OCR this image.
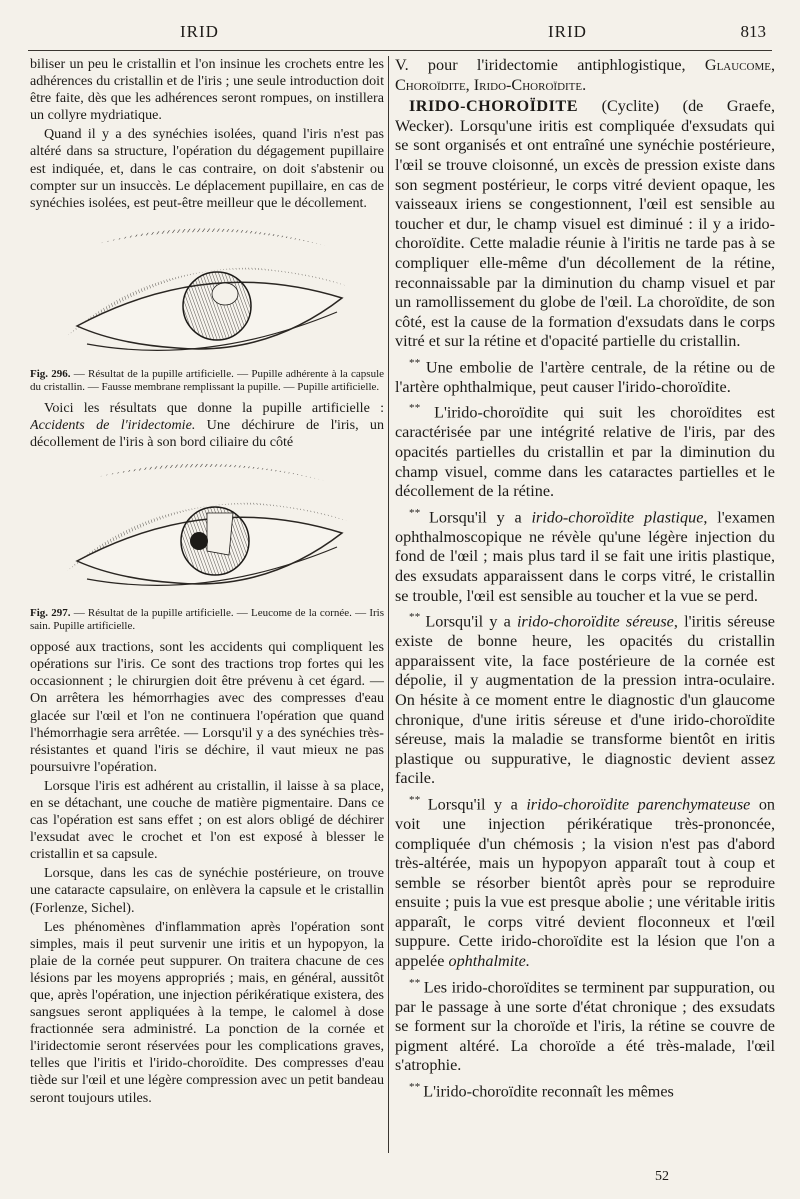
IRID	IRID	813

biliser un peu le cristallin et l'on insinue les crochets entre les adhérences du cristallin et de l'iris ; une seule introduction doit être faite, dès que les adhérences seront rompues, on instillera un collyre mydriatique.

Quand il y a des synéchies isolées, quand l'iris n'est pas altéré dans sa structure, l'opération du dégagement pupillaire est indiquée, et, dans le cas contraire, on doit s'abstenir ou compter sur un insuccès. Le déplacement pupillaire, en cas de synéchies isolées, est peut-être meilleur que le décollement.

Fig. 296. — Résultat de la pupille artificielle. — Pupille adhérente à la capsule du cristallin. — Fausse membrane remplissant la pupille. — Pupille artificielle.

Voici les résultats que donne la pupille artificielle : Accidents de l'iridectomie. Une déchirure de l'iris, un décollement de l'iris à son bord ciliaire du côté

Fig. 297. — Résultat de la pupille artificielle. — Leucome de la cornée. — Iris sain. Pupille artificielle.

opposé aux tractions, sont les accidents qui compliquent les opérations sur l'iris. Ce sont des tractions trop fortes qui les occasionnent ; le chirurgien doit être prévenu à cet égard. — On arrêtera les hémorrhagies avec des compresses d'eau glacée sur l'œil et l'on ne continuera l'opération que quand l'hémorrhagie sera arrêtée. — Lorsqu'il y a des synéchies très-résistantes et quand l'iris se déchire, il vaut mieux ne pas poursuivre l'opération.

Lorsque l'iris est adhérent au cristallin, il laisse à sa place, en se détachant, une couche de matière pigmentaire. Dans ce cas l'opération est sans effet ; on est alors obligé de déchirer l'exsudat avec le crochet et l'on est exposé à blesser le cristallin et sa capsule.

Lorsque, dans les cas de synéchie postérieure, on trouve une cataracte capsulaire, on enlèvera la capsule et le cristallin (Forlenze, Sichel).

Les phénomènes d'inflammation après l'opération sont simples, mais il peut survenir une iritis et un hypopyon, la plaie de la cornée peut suppurer. On traitera chacune de ces lésions par les moyens appropriés ; mais, en général, aussitôt que, après l'opération, une injection périkératique existera, des sangsues seront appliquées à la tempe, le calomel à dose fractionnée sera administré. La ponction de la cornée et l'iridectomie seront réservées pour les complications graves, telles que l'iritis et l'irido-choroïdite. Des compresses d'eau tiède sur l'œil et une légère compression avec un petit bandeau seront toujours utiles.

V. pour l'iridectomie antiphlogistique, Glaucome, Choroïdite, Irido-Choroïdite.

IRIDO-CHOROÏDITE (Cyclite) (de Graefe, Wecker). Lorsqu'une iritis est compliquée d'exsudats qui se sont organisés et ont entraîné une synéchie postérieure, l'œil se trouve cloisonné, un excès de pression existe dans son segment postérieur, le corps vitré devient opaque, les vaisseaux iriens se congestionnent, l'œil est sensible au toucher et dur, le champ visuel est diminué : il y a irido-choroïdite. Cette maladie réunie à l'iritis ne tarde pas à se compliquer elle-même d'un décollement de la rétine, reconnaissable par la diminution du champ visuel et par un ramollissement du globe de l'œil. La choroïdite, de son côté, est la cause de la formation d'exsudats dans le corps vitré et sur la rétine et d'opacité partielle du cristallin.

* * Une embolie de l'artère centrale, de la rétine ou de l'artère ophthalmique, peut causer l'irido-choroïdite.

* * L'irido-choroïdite qui suit les choroïdites est caractérisée par une intégrité relative de l'iris, par des opacités partielles du cristallin et par la diminution du champ visuel, comme dans les cataractes partielles et le décollement de la rétine.

* * Lorsqu'il y a irido-choroïdite plastique, l'examen ophthalmoscopique ne révèle qu'une légère injection du fond de l'œil ; mais plus tard il se fait une iritis plastique, des exsudats apparaissent dans le corps vitré, le cristallin se trouble, l'œil est sensible au toucher et la vue se perd.

* * Lorsqu'il y a irido-choroïdite séreuse, l'iritis séreuse existe de bonne heure, les opacités du cristallin apparaissent vite, la face postérieure de la cornée est dépolie, il y augmentation de la pression intra-oculaire. On hésite à ce moment entre le diagnostic d'un glaucome chronique, d'une iritis séreuse et d'une irido-choroïdite séreuse, mais la maladie se transforme bientôt en iritis plastique ou suppurative, le diagnostic devient assez facile.

* * Lorsqu'il y a irido-choroïdite parenchymateuse on voit une injection périkératique très-prononcée, compliquée d'un chémosis ; la vision n'est pas d'abord très-altérée, mais un hypopyon apparaît tout à coup et semble se résorber bientôt après pour se reproduire ensuite ; puis la vue est presque abolie ; une véritable iritis apparaît, le corps vitré devient floconneux et l'œil suppure. Cette irido-choroïdite est la lésion que l'on a appelée ophthalmite.

* * Les irido-choroïdites se terminent par suppuration, ou par le passage à une sorte d'état chronique ; des exsudats se forment sur la choroïde et l'iris, la rétine se couvre de pigment altéré. La choroïde a été très-malade, l'œil s'atrophie.

* * L'irido-choroïdite reconnaît les mêmes

52
